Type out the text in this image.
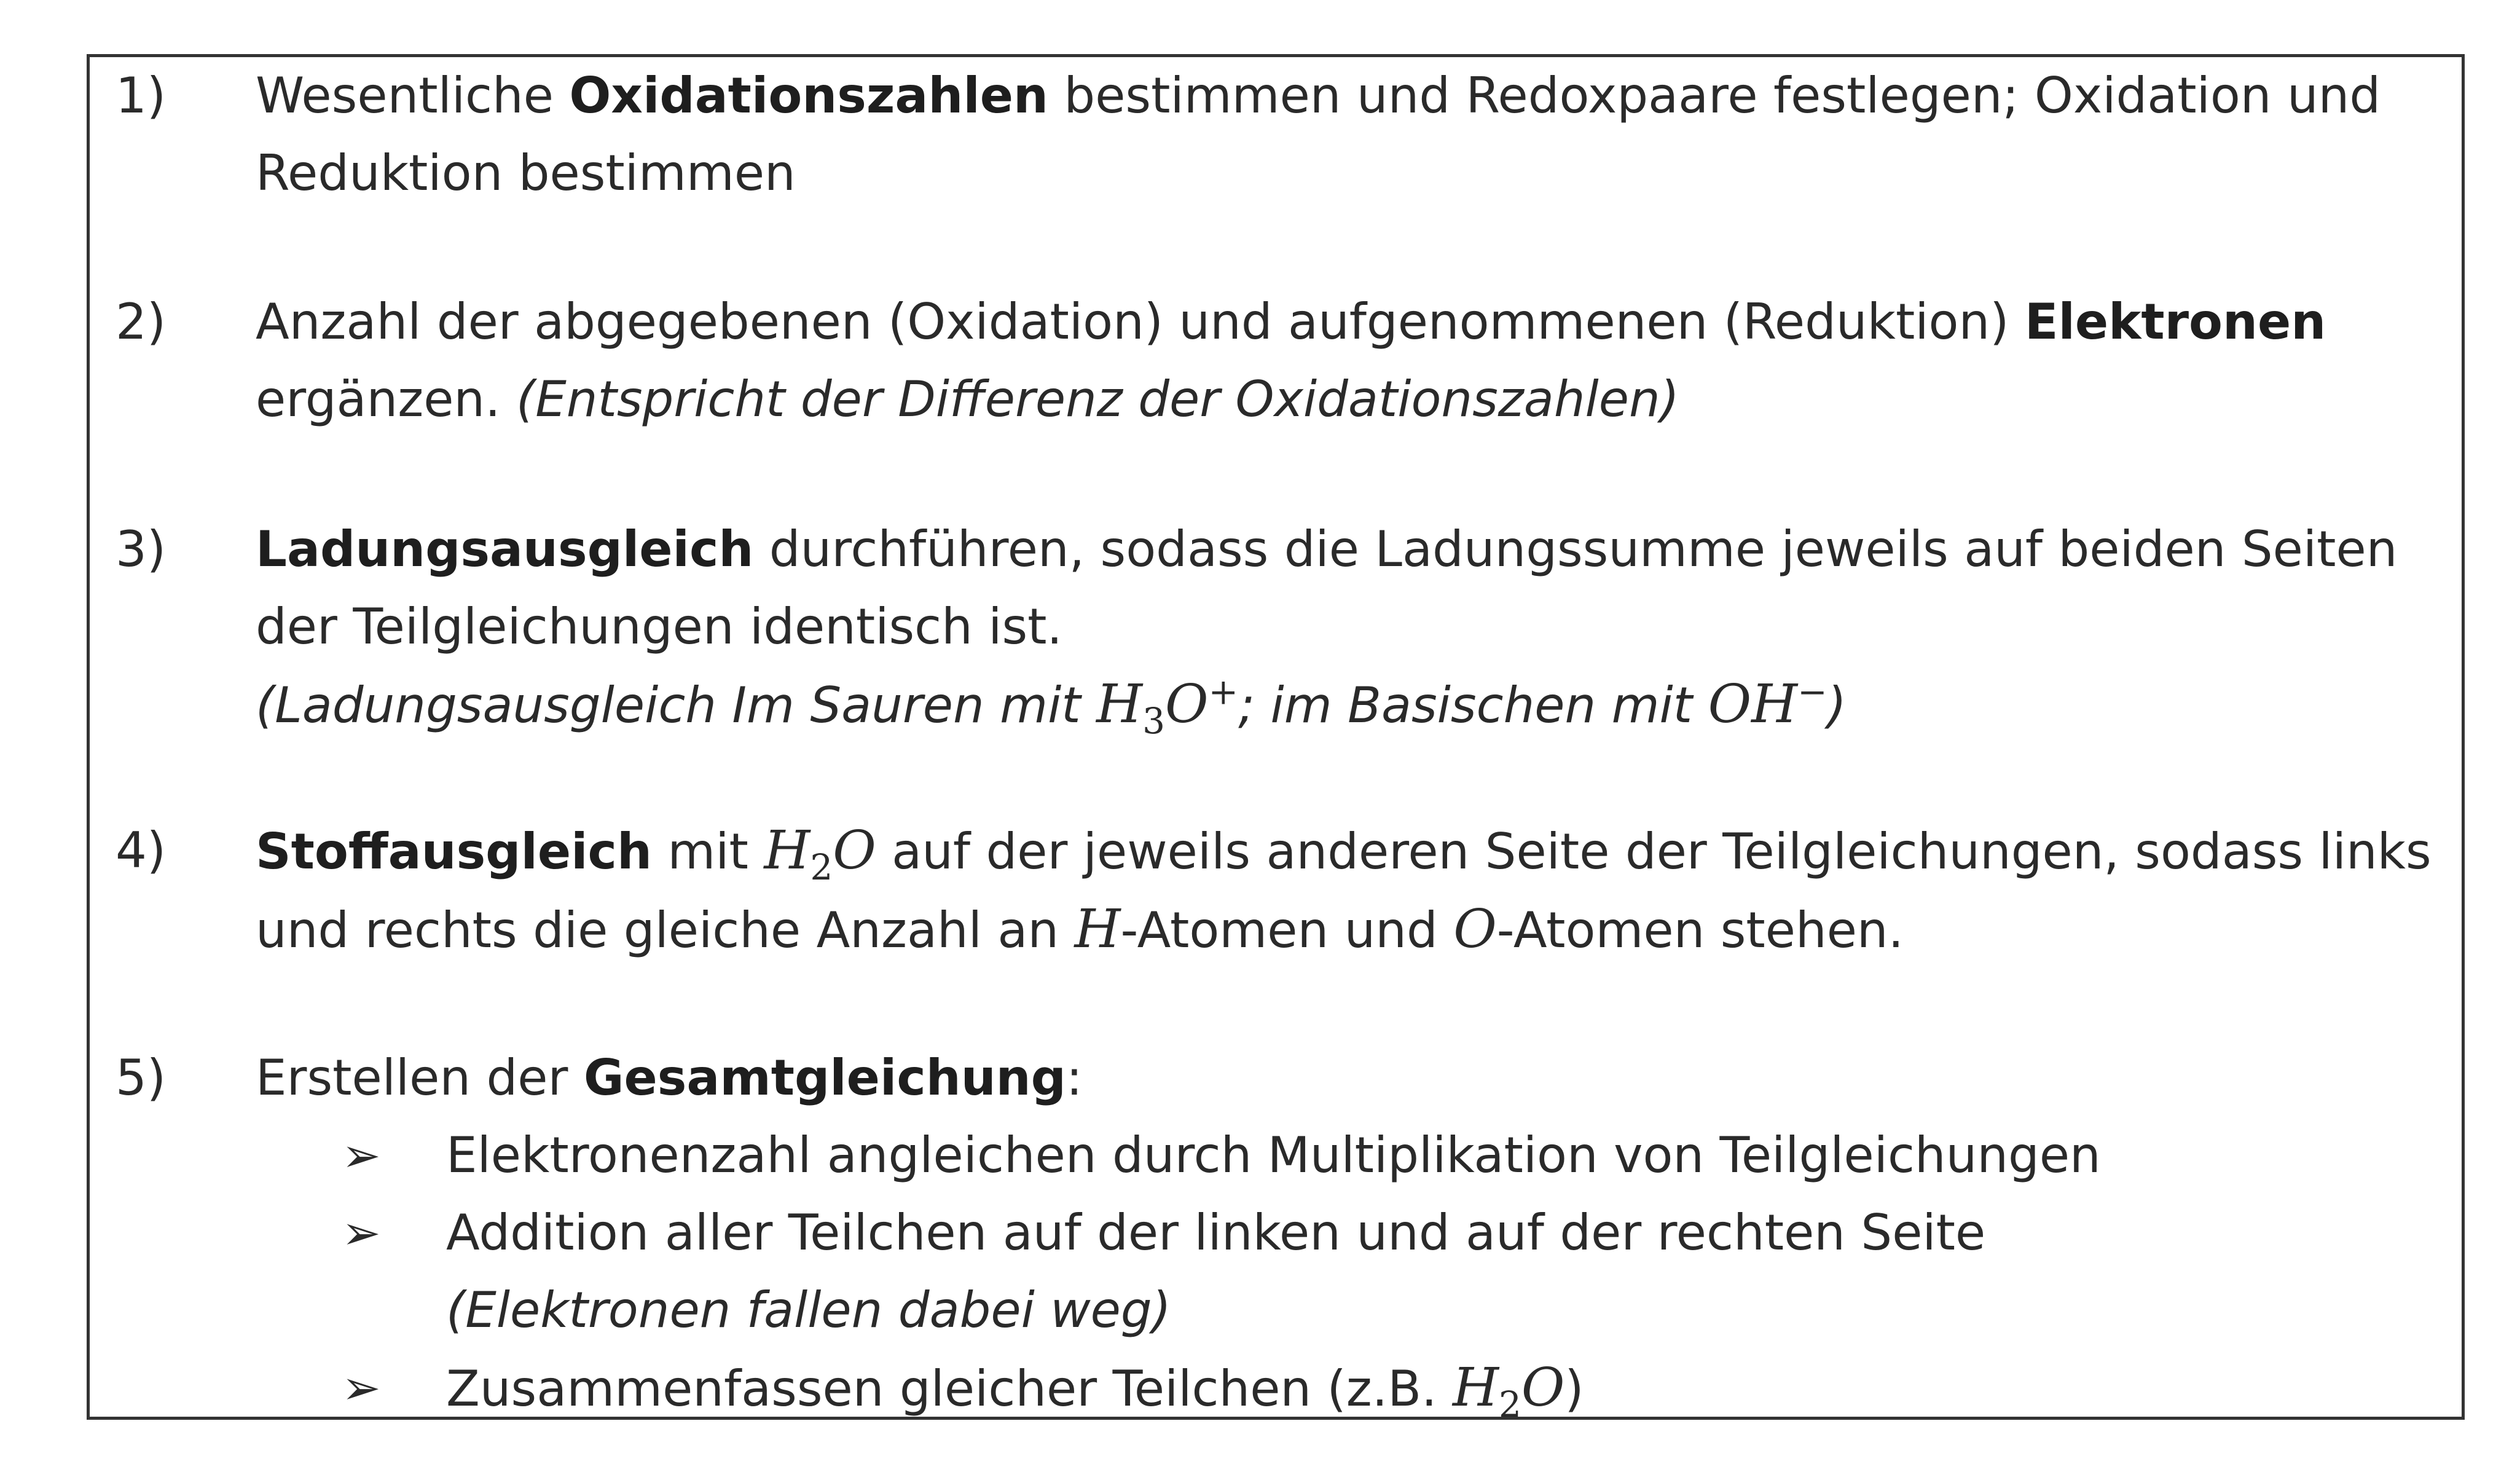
1) Wesentliche Oxidationszahlen bestimmen und Redoxpaare festlegen; Oxidation und
Reduktion bestimmen
2) Anzahl der abgegebenen (Oxidation) und aufgenommenen (Reduktion) Elektronen
ergänzen. (Entspricht der Differenz der Oxidationszahlen)
3) Ladungsausgleich durchführen, sodass die Ladungssumme jeweils auf beiden Seiten
der Teilgleichungen identisch ist.
(Ladungsausgleich Im Sauren mit $H_3O^+$; im Basischen mit OH−)
4) Stoffausgleich mit $H_2O$ auf der jeweils anderen Seite der Teilgleichungen, sodass links
und rechts die gleiche Anzahl an H-Atomen und O-Atomen stehen.
5) Erstellen der Gesamtgleichung:
➢ Elektronenzahl angleichen durch Multiplikation von Teilgleichungen
➢ Addition aller Teilchen auf der linken und auf der rechten Seite
(Elektronen fallen dabei weg)
➢ Zusammenfassen gleicher Teilchen (z.B. $H_2O$)
